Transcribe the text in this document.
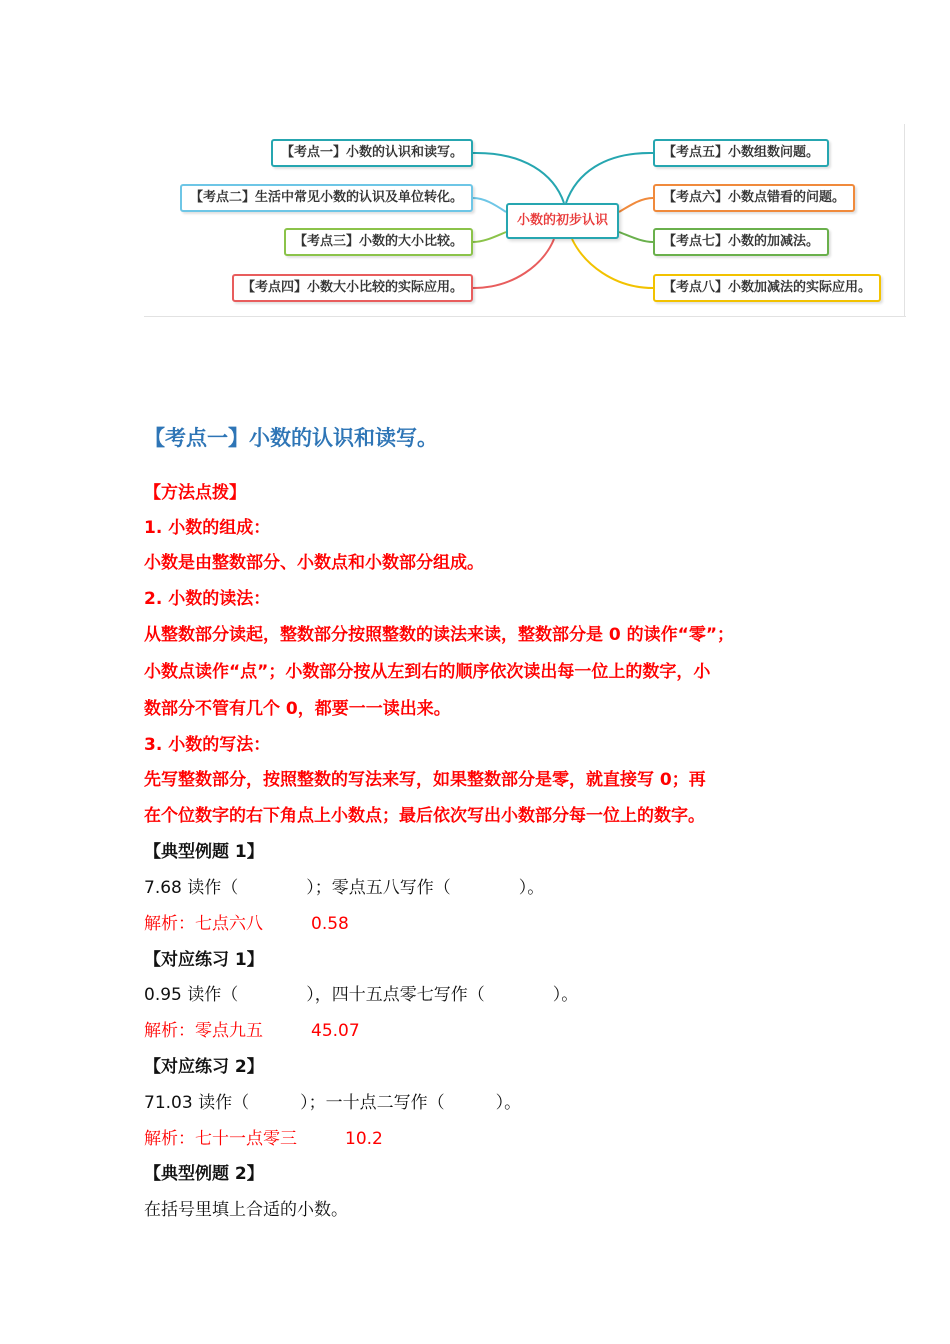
小数的初步认识
【考点一】小数的认识和读写。
【考点二】生活中常见小数的认识及单位转化。
【考点三】小数的大小比较。
【考点四】小数大小比较的实际应用。
【考点五】小数组数问题。
【考点六】小数点错看的问题。
【考点七】小数的加减法。
【考点八】小数加减法的实际应用。
【考点一】小数的认识和读写。
【方法点拨】
1. 小数的组成：
小数是由整数部分、小数点和小数部分组成。
2. 小数的读法：
从整数部分读起，整数部分按照整数的读法来读，整数部分是 0 的读作“零”；
小数点读作“点”；小数部分按从左到右的顺序依次读出每一位上的数字，小
数部分不管有几个 0，都要一一读出来。
3. 小数的写法：
先写整数部分，按照整数的写法来写，如果整数部分是零，就直接写 0；再
在个位数字的右下角点上小数点；最后依次写出小数部分每一位上的数字。
【典型例题 1】
7.68 读作（　　　　）；零点五八写作（　　　　）。
解析：七点六八	0.58
【对应练习 1】
0.95 读作（　　　　），四十五点零七写作（　　　　）。
解析：零点九五	45.07
【对应练习 2】
71.03 读作（　　　）；一十点二写作（　　　）。
解析：七十一点零三	10.2
【典型例题 2】
在括号里填上合适的小数。
